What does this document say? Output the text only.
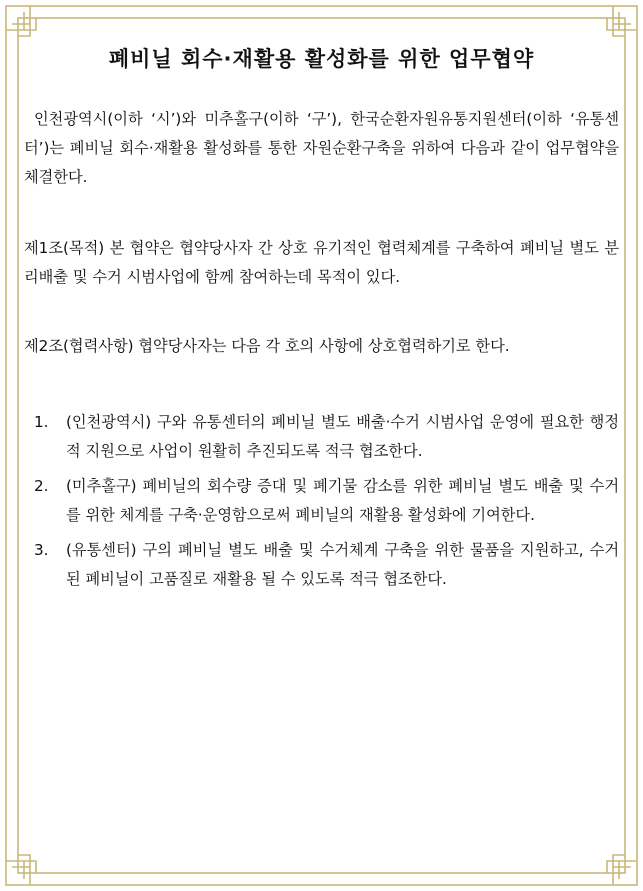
폐비닐 회수·재활용 활성화를 위한 업무협약

인천광역시(이하 ‘시’)와 미추홀구(이하 ‘구’), 한국순환자원유통지원센터(이하 ‘유통센터’)는 폐비닐 회수·재활용 활성화를 통한 자원순환구축을 위하여 다음과 같이 업무협약을 체결한다.

제1조(목적) 본 협약은 협약당사자 간 상호 유기적인 협력체계를 구축하여 폐비닐 별도 분리배출 및 수거 시범사업에 함께 참여하는데 목적이 있다.

제2조(협력사항) 협약당사자는 다음 각 호의 사항에 상호협력하기로 한다.

1. (인천광역시) 구와 유통센터의 폐비닐 별도 배출·수거 시범사업 운영에 필요한 행정적 지원으로 사업이 원활히 추진되도록 적극 협조한다.
2. (미추홀구) 폐비닐의 회수량 증대 및 폐기물 감소를 위한 폐비닐 별도 배출 및 수거를 위한 체계를 구축·운영함으로써 폐비닐의 재활용 활성화에 기여한다.
3. (유통센터) 구의 폐비닐 별도 배출 및 수거체계 구축을 위한 물품을 지원하고, 수거된 폐비닐이 고품질로 재활용 될 수 있도록 적극 협조한다.
